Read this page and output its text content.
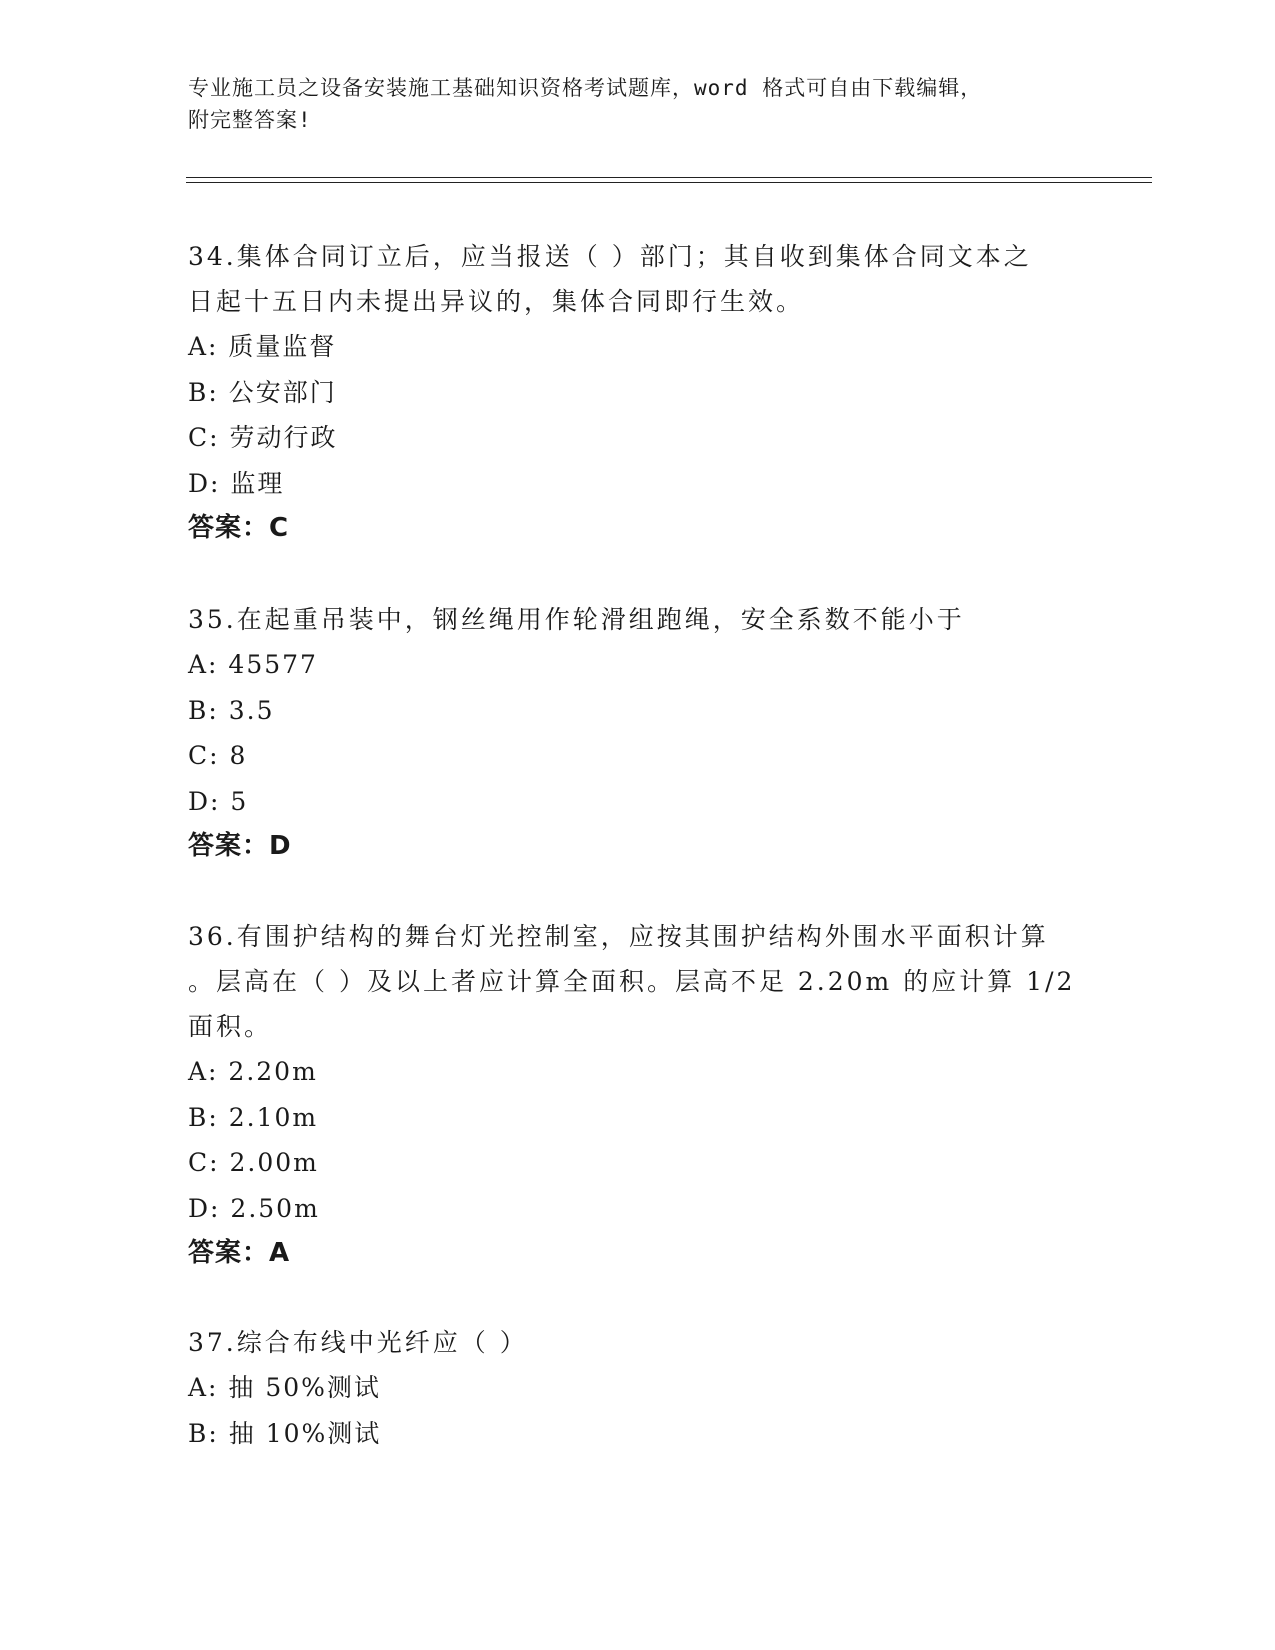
专业施工员之设备安装施工基础知识资格考试题库，word 格式可自由下载编辑，
附完整答案!

34.集体合同订立后，应当报送（ ）部门；其自收到集体合同文本之

日起十五日内未提出异议的，集体合同即行生效。

A: 质量监督

B: 公安部门

C: 劳动行政

D: 监理

答案：C

35.在起重吊装中，钢丝绳用作轮滑组跑绳，安全系数不能小于

A: 45577

B: 3.5

C: 8

D: 5

答案：D

36.有围护结构的舞台灯光控制室，应按其围护结构外围水平面积计算

。层高在（ ）及以上者应计算全面积。层高不足 2.20m 的应计算 1/2

面积。

A: 2.20m

B: 2.10m

C: 2.00m

D: 2.50m

答案：A

37.综合布线中光纤应（ ）

A: 抽 50%测试

B: 抽 10%测试
